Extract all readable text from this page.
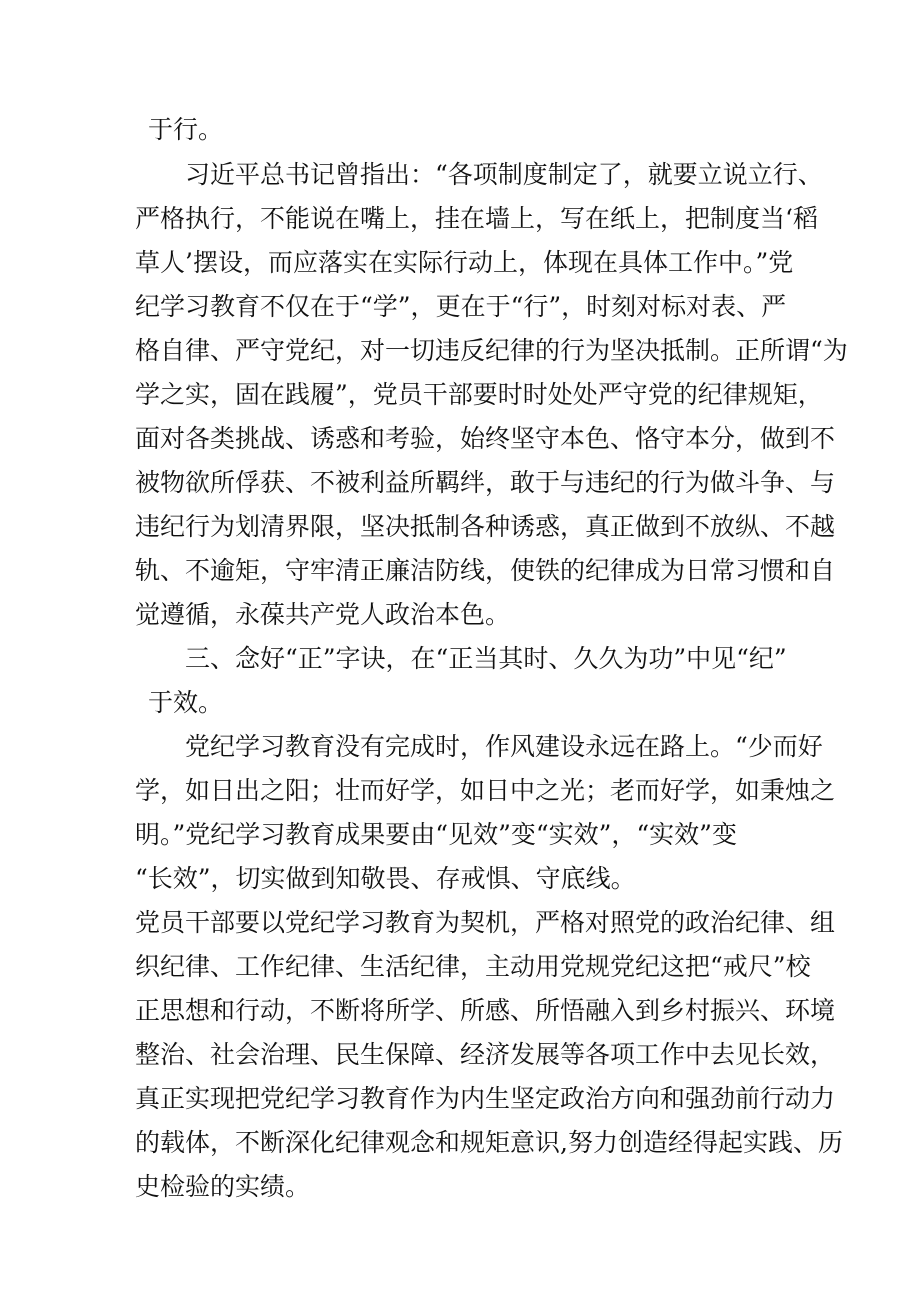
于行。

习近平总书记曾指出：“各项制度制定了，就要立说立行、

严格执行，不能说在嘴上，挂在墙上，写在纸上，把制度当‘稻

草人’摆设，而应落实在实际行动上，体现在具体工作中。”党

纪学习教育不仅在于“学”，更在于“行”，时刻对标对表、严

格自律、严守党纪，对一切违反纪律的行为坚决抵制。正所谓“为

学之实，固在践履”，党员干部要时时处处严守党的纪律规矩，

面对各类挑战、诱惑和考验，始终坚守本色、恪守本分，做到不

被物欲所俘获、不被利益所羁绊，敢于与违纪的行为做斗争、与

违纪行为划清界限，坚决抵制各种诱惑，真正做到不放纵、不越

轨、不逾矩，守牢清正廉洁防线，使铁的纪律成为日常习惯和自

觉遵循，永葆共产党人政治本色。

三、念好“正”字诀，在“正当其时、久久为功”中见“纪”

于效。

党纪学习教育没有完成时，作风建设永远在路上。“少而好

学，如日出之阳；壮而好学，如日中之光；老而好学，如秉烛之

明。”党纪学习教育成果要由“见效”变“实效”，“实效”变

“长效”，切实做到知敬畏、存戒惧、守底线。

党员干部要以党纪学习教育为契机，严格对照党的政治纪律、组

织纪律、工作纪律、生活纪律，主动用党规党纪这把“戒尺”校

正思想和行动，不断将所学、所感、所悟融入到乡村振兴、环境

整治、社会治理、民生保障、经济发展等各项工作中去见长效，

真正实现把党纪学习教育作为内生坚定政治方向和强劲前行动力

的载体，不断深化纪律观念和规矩意识,努力创造经得起实践、历

史检验的实绩。
